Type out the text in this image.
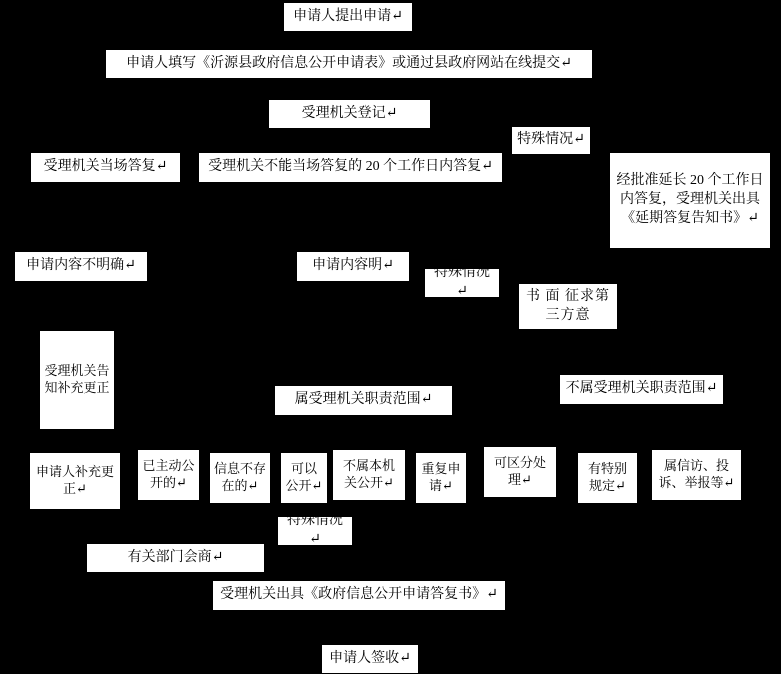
申请人提出申请↵
申请人填写《沂源县政府信息公开申请表》或通过县政府网站在线提交↵
受理机关登记↵
特殊情况↵
受理机关当场答复↵	受理机关不能当场答复的 20 个工作日内答复↵
经批准延长 20 个工作日内答复，受理机关出具《延期答复告知书》↵
申请内容不明确↵	申请内容明↵	特殊情况↵	书 面 征求第三方意
受理机关告知补充更正
属受理机关职责范围↵
不属受理机关职责范围↵
申请人补充更正↵
已主动公开的↵
信息不存在的↵
可以公开↵
不属本机关公开↵
重复申请↵
可区分处理↵
有特别规定↵
属信访、投诉、举报等↵
特殊情况↵
有关部门会商↵
受理机关出具《政府信息公开申请答复书》↵
申请人签收↵
